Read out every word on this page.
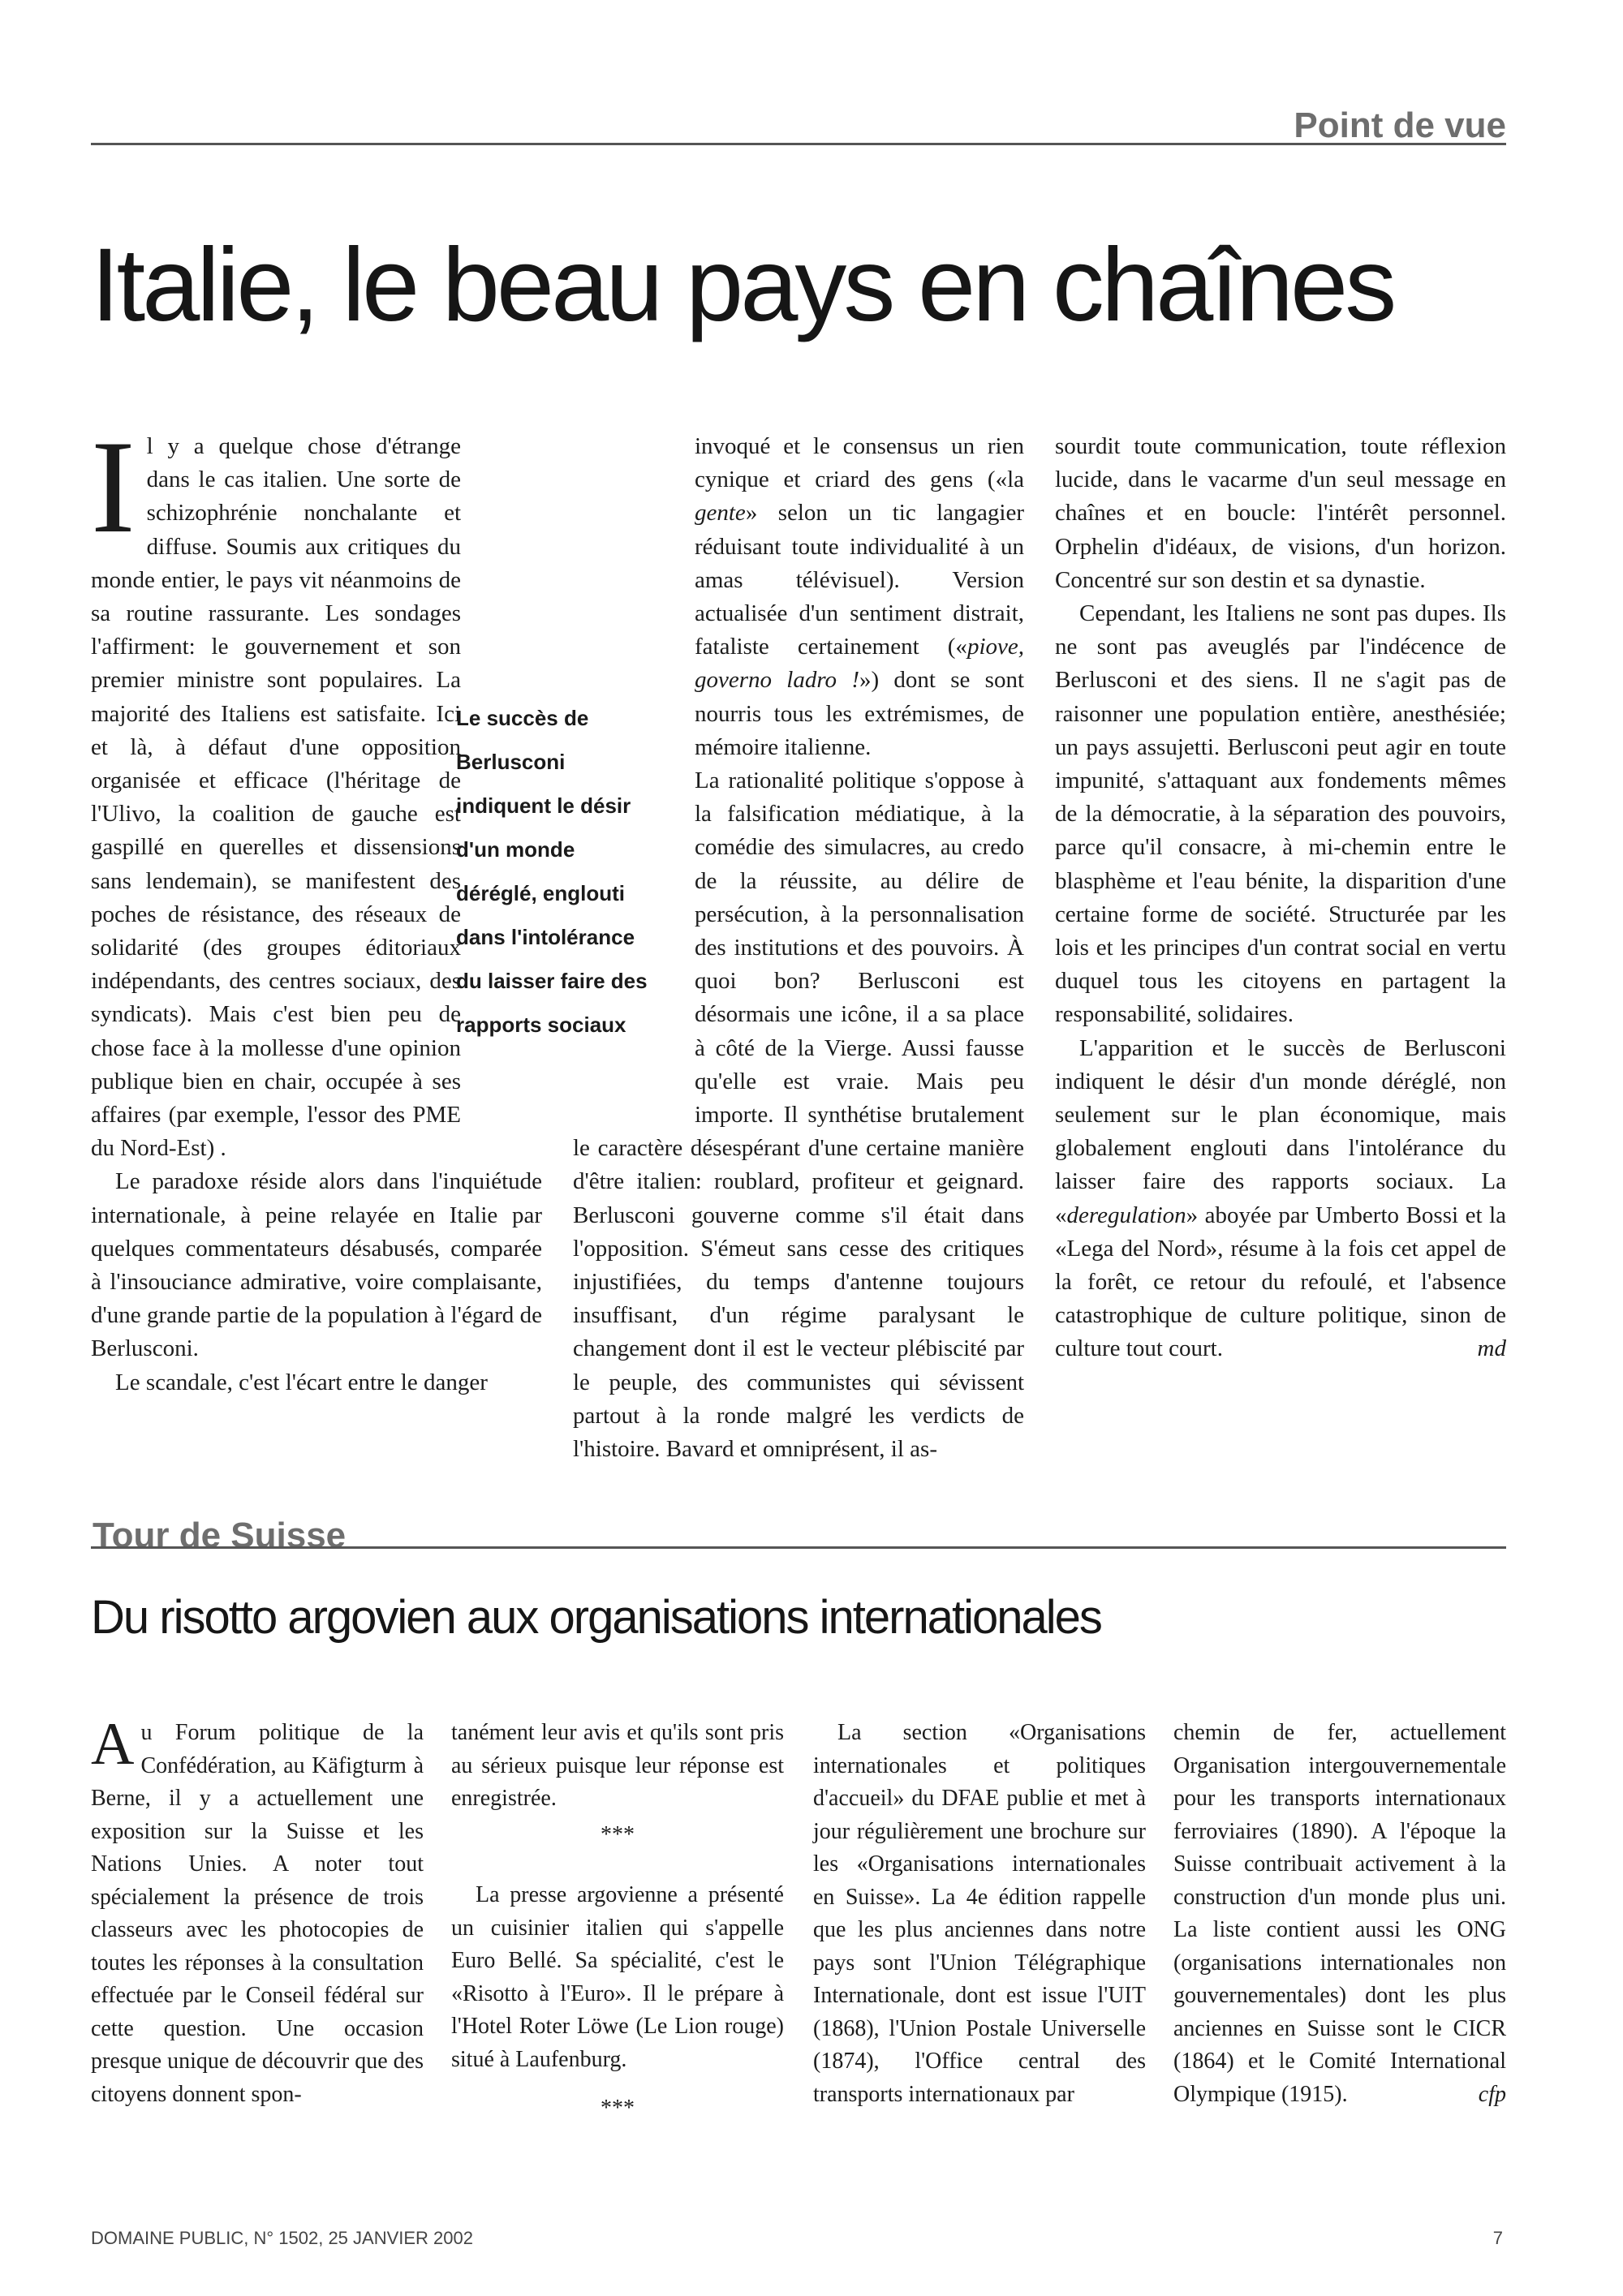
Point de vue
Italie, le beau pays en chaînes
I l y a quelque chose d'étrange dans le cas italien. Une sorte de schizophrénie nonchalante et diffuse. Soumis aux critiques du monde entier, le pays vit néanmoins de sa routine rassurante. Les sondages l'affirment: le gouvernement et son premier ministre sont populaires. La majorité des Italiens est satisfaite. Ici et là, à défaut d'une opposition organisée et efficace (l'héritage de l'Ulivo, la coalition de gauche est gaspillé en querelles et dissensions sans lendemain), se manifestent des poches de résistance, des réseaux de solidarité (des groupes éditoriaux indépendants, des centres sociaux, des syndicats). Mais c'est bien peu de chose face à la mollesse d'une opinion publique bien en chair, occupée à ses affaires (par exemple, l'essor des PME du Nord-Est) .

Le paradoxe réside alors dans l'inquiétude internationale, à peine relayée en Italie par quelques commentateurs désabusés, comparée à l'insouciance admirative, voire complaisante, d'une grande partie de la population à l'égard de Berlusconi.

Le scandale, c'est l'écart entre le danger

invoqué et le consensus un rien cynique et criard des gens («la gente» selon un tic langagier réduisant toute individualité à un amas télévisuel). Version actualisée d'un sentiment distrait, fataliste certainement («piove, governo ladro !») dont se sont nourris tous les extrémismes, de mémoire italienne.

La rationalité politique s'oppose à la falsification médiatique, à la comédie des simulacres, au credo de la réussite, au délire de persécution, à la personnalisation des institutions et des pouvoirs. À quoi bon? Berlusconi est désormais une icône, il a sa place à côté de la Vierge. Aussi fausse qu'elle est vraie. Mais peu importe. Il synthétise brutalement le caractère désespérant d'une certaine manière d'être italien: roublard, profiteur et geignard. Berlusconi gouverne comme s'il était dans l'opposition. S'émeut sans cesse des critiques injustifiées, du temps d'antenne toujours insuffisant, d'un régime paralysant le changement dont il est le vecteur plébiscité par le peuple, des communistes qui sévissent partout à la ronde malgré les verdicts de l'histoire. Bavard et omniprésent, il as-

sourdit toute communication, toute réflexion lucide, dans le vacarme d'un seul message en chaînes et en boucle: l'intérêt personnel. Orphelin d'idéaux, de visions, d'un horizon. Concentré sur son destin et sa dynastie.

Cependant, les Italiens ne sont pas dupes. Ils ne sont pas aveuglés par l'indécence de Berlusconi et des siens. Il ne s'agit pas de raisonner une population entière, anesthésiée; un pays assujetti. Berlusconi peut agir en toute impunité, s'attaquant aux fondements mêmes de la démocratie, à la séparation des pouvoirs, parce qu'il consacre, à mi-chemin entre le blasphème et l'eau bénite, la disparition d'une certaine forme de société. Structurée par les lois et les principes d'un contrat social en vertu duquel tous les citoyens en partagent la responsabilité, solidaires.

L'apparition et le succès de Berlusconi indiquent le désir d'un monde déréglé, non seulement sur le plan économique, mais globalement englouti dans l'intolérance du laisser faire des rapports sociaux. La «deregulation» aboyée par Umberto Bossi et la «Lega del Nord», résume à la fois cet appel de la forêt, ce retour du refoulé, et l'absence catastrophique de culture politique, sinon de culture tout court.	md

Le succès de Berlusconi indiquent le désir d'un monde déréglé, englouti dans l'intolérance du laisser faire des rapports sociaux

Tour de Suisse
Du risotto argovien aux organisations internationales
A u Forum politique de la Confédération, au Käfigturm à Berne, il y a actuellement une exposition sur la Suisse et les Nations Unies. A noter tout spécialement la présence de trois classeurs avec les photocopies de toutes les réponses à la consultation effectuée par le Conseil fédéral sur cette question. Une occasion presque unique de découvrir que des citoyens donnent spon-

tanément leur avis et qu'ils sont pris au sérieux puisque leur réponse est enregistrée.

***

La presse argovienne a présenté un cuisinier italien qui s'appelle Euro Bellé. Sa spécialité, c'est le «Risotto à l'Euro». Il le prépare à l'Hotel Roter Löwe (Le Lion rouge) situé à Laufenburg.

***

La section «Organisations internationales et politiques d'accueil» du DFAE publie et met à jour régulièrement une brochure sur les «Organisations internationales en Suisse». La 4e édition rappelle que les plus anciennes dans notre pays sont l'Union Télégraphique Internationale, dont est issue l'UIT (1868), l'Union Postale Universelle (1874), l'Office central des transports internationaux par

chemin de fer, actuellement Organisation intergouvernementale pour les transports internationaux ferroviaires (1890). A l'époque la Suisse contribuait activement à la construction d'un monde plus uni. La liste contient aussi les ONG (organisations internationales non gouvernementales) dont les plus anciennes en Suisse sont le CICR (1864) et le Comité International Olympique (1915).	cfp

DOMAINE PUBLIC, N° 1502, 25 JANVIER 2002	7
